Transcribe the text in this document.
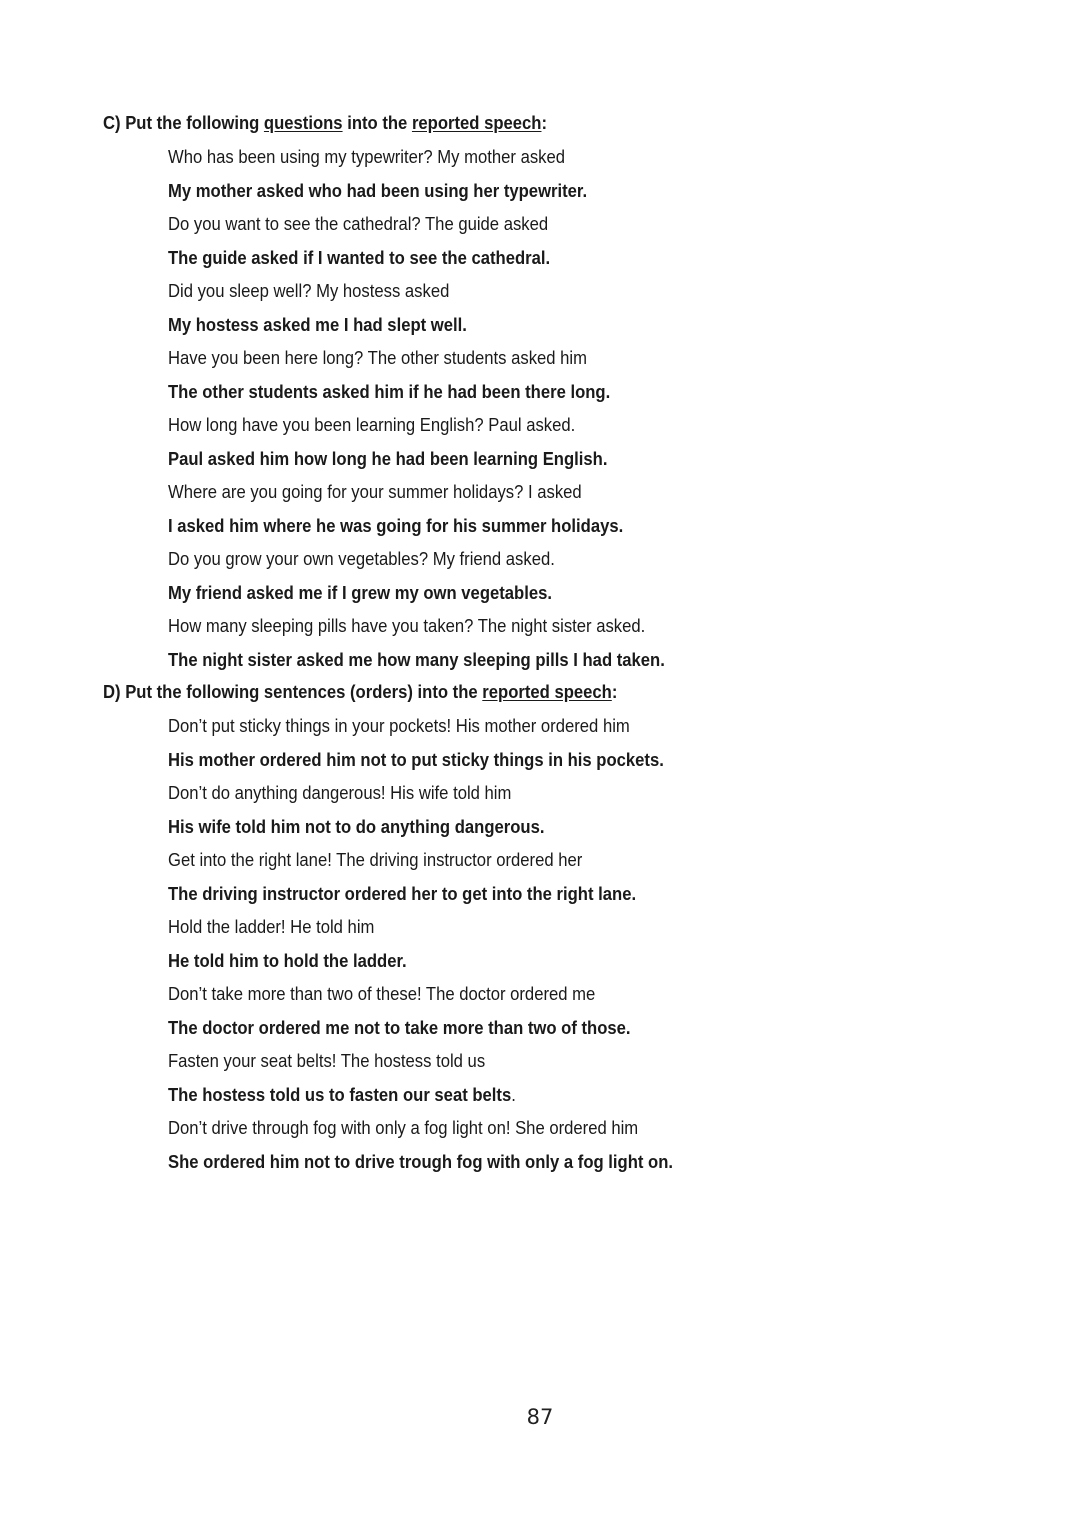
C) Put the following questions into the reported speech:
Who has been using my typewriter? My mother asked
My mother asked who had been using her typewriter.
Do you want to see the cathedral? The guide asked
The guide asked if I wanted to see the cathedral.
Did you sleep well? My hostess asked
My hostess asked me I had slept well.
Have you been here long? The other students asked him
The other students asked him if he had been there long.
How long have you been learning English? Paul asked.
Paul asked him how long he had been learning English.
Where are you going for your summer holidays? I asked
I asked him where he was going for his summer holidays.
Do you grow your own vegetables? My friend asked.
My friend asked me if I grew my own vegetables.
How many sleeping pills have you taken? The night sister asked.
The night sister asked me how many sleeping pills I had taken.
D) Put the following sentences (orders) into the reported speech:
Don’t put sticky things in your pockets! His mother ordered him
His mother ordered him not to put sticky things in his pockets.
Don’t do anything dangerous! His wife told him
His wife told him not to do anything dangerous.
Get into the right lane! The driving instructor ordered her
The driving instructor ordered her to get into the right lane.
Hold the ladder! He told him
He told him to hold the ladder.
Don’t take more than two of these! The doctor ordered me
The doctor ordered me not to take more than two of those.
Fasten your seat belts! The hostess told us
The hostess told us to fasten our seat belts.
Don’t drive through fog with only a fog light on! She ordered him
She ordered him not to drive trough fog with only a fog light on.
87
